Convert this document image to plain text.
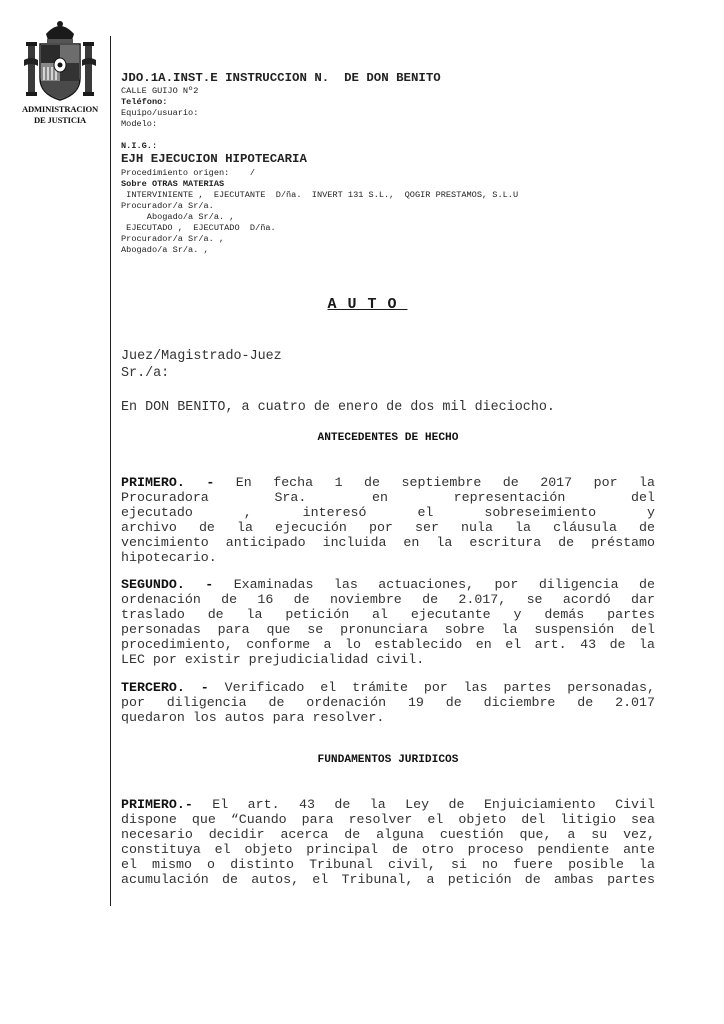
ADMINISTRACION
DE JUSTICIA
JDO.1A.INST.E INSTRUCCION N.  DE DON BENITO
CALLE GUIJO Nº2
Teléfono:
Equipo/usuario:
Modelo:
N.I.G.:
EJH EJECUCION HIPOTECARIA
Procedimiento origen:    /
Sobre OTRAS MATERIAS
INTERVINIENTE ,  EJECUTANTE  D/ña.  INVERT 131 S.L.,  QOGIR PRESTAMOS, S.L.U
Procurador/a Sr/a.
Abogado/a Sr/a. ,
EJECUTADO ,  EJECUTADO  D/ña.
Procurador/a Sr/a. ,
Abogado/a Sr/a. ,
AUTO
Juez/Magistrado-Juez
Sr./a:
En DON BENITO, a cuatro de enero de dos mil dieciocho.
ANTECEDENTES DE HECHO
PRIMERO. - En fecha 1 de septiembre de 2017 por la
Procuradora Sra. en representación del
ejecutado , interesó el sobreseimiento y
archivo de la ejecución por ser nula la cláusula de
vencimiento anticipado incluida en la escritura de préstamo
hipotecario.
SEGUNDO. - Examinadas las actuaciones, por diligencia de
ordenación de 16 de noviembre de 2.017, se acordó dar
traslado de la petición al ejecutante y demás partes
personadas para que se pronunciara sobre la suspensión del
procedimiento, conforme a lo establecido en el art. 43 de la
LEC por existir prejudicialidad civil.
TERCERO. - Verificado el trámite por las partes personadas,
por diligencia de ordenación 19 de diciembre de 2.017
quedaron los autos para resolver.
FUNDAMENTOS JURIDICOS
PRIMERO.- El art. 43 de la Ley de Enjuiciamiento Civil
dispone que “Cuando para resolver el objeto del litigio sea
necesario decidir acerca de alguna cuestión que, a su vez,
constituya el objeto principal de otro proceso pendiente ante
el mismo o distinto Tribunal civil, si no fuere posible la
acumulación de autos, el Tribunal, a petición de ambas partes
